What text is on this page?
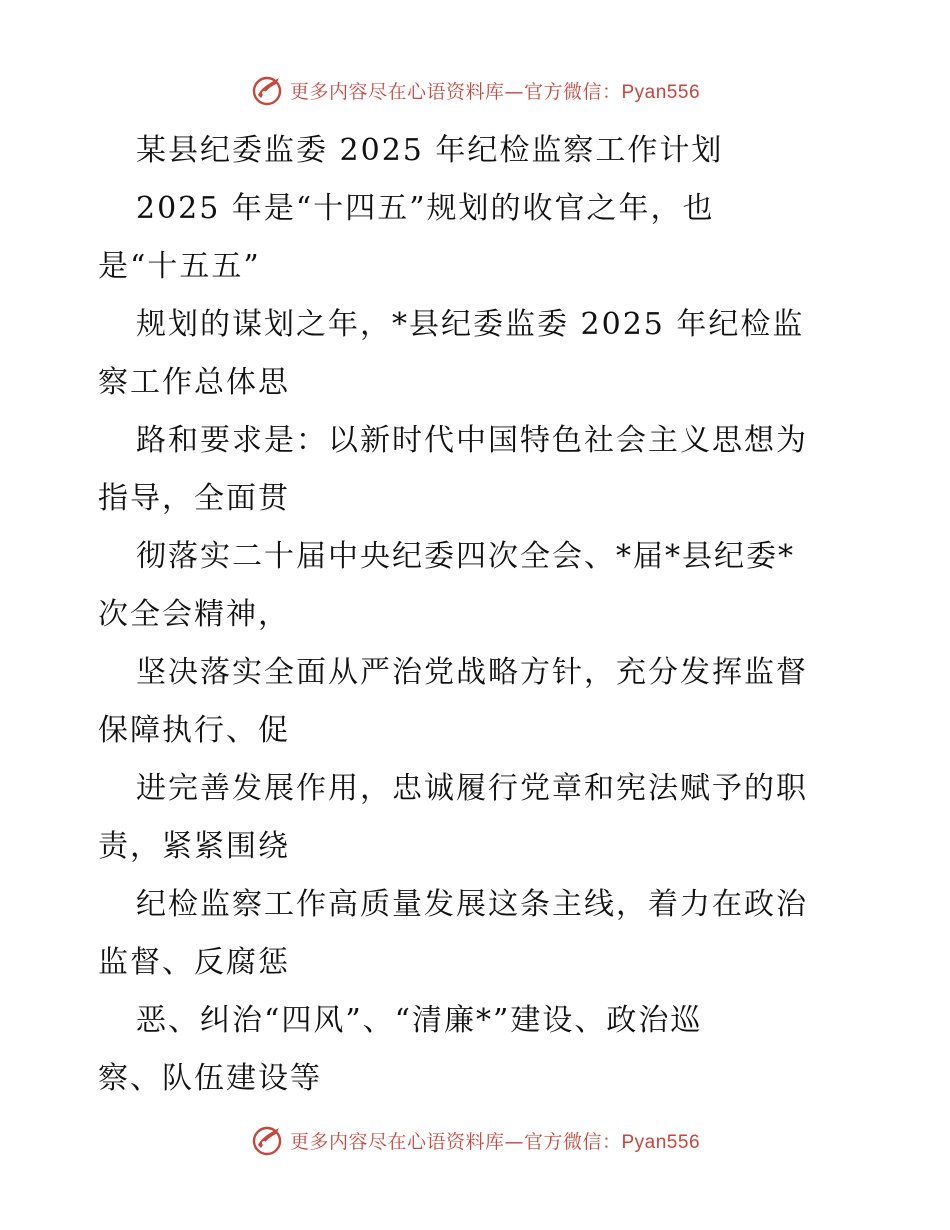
更多内容尽在心语资料库—官方微信：Pyan556
某县纪委监委 2025 年纪检监察工作计划
2025 年是“十四五”规划的收官之年，也
是“十五五”
规划的谋划之年，*县纪委监委 2025 年纪检监
察工作总体思
路和要求是：以新时代中国特色社会主义思想为
指导，全面贯
彻落实二十届中央纪委四次全会、*届*县纪委*
次全会精神，
坚决落实全面从严治党战略方针，充分发挥监督
保障执行、促
进完善发展作用，忠诚履行党章和宪法赋予的职
责，紧紧围绕
纪检监察工作高质量发展这条主线，着力在政治
监督、反腐惩
恶、纠治“四风”、“清廉*”建设、政治巡
察、队伍建设等
更多内容尽在心语资料库—官方微信：Pyan556
